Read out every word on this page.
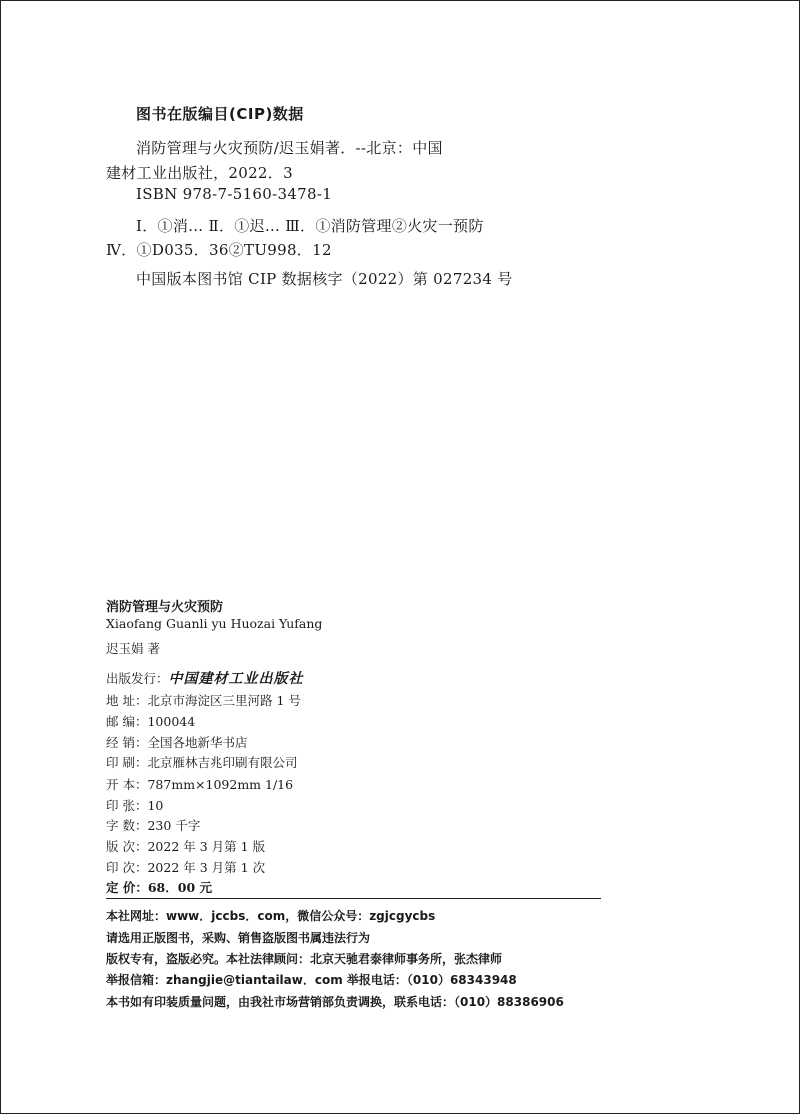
图书在版编目(CIP)数据
消防管理与火灾预防/迟玉娟著．--北京：中国
建材工业出版社，2022．3
ISBN 978-7-5160-3478-1
Ⅰ．①消… Ⅱ．①迟… Ⅲ．①消防管理②火灾一预防
Ⅳ．①D035．36②TU998．12
中国版本图书馆 CIP 数据核字（2022）第 027234 号
消防管理与火灾预防
Xiaofang Guanli yu Huozai Yufang
迟玉娟 著
出版发行：中国建材工业出版社
地 址：北京市海淀区三里河路 1 号
邮 编：100044
经 销：全国各地新华书店
印 刷：北京雁林吉兆印刷有限公司
开 本：787mm×1092mm 1/16
印 张：10
字 数：230 千字
版 次：2022 年 3 月第 1 版
印 次：2022 年 3 月第 1 次
定 价：68．00 元
本社网址：www．jccbs．com，微信公众号：zgjcgycbs
请选用正版图书，采购、销售盗版图书属违法行为
版权专有，盗版必究。本社法律顾问：北京天驰君泰律师事务所，张杰律师
举报信箱：zhangjie@tiantailaw．com 举报电话：（010）68343948
本书如有印装质量问题，由我社市场营销部负责调换，联系电话：（010）88386906
